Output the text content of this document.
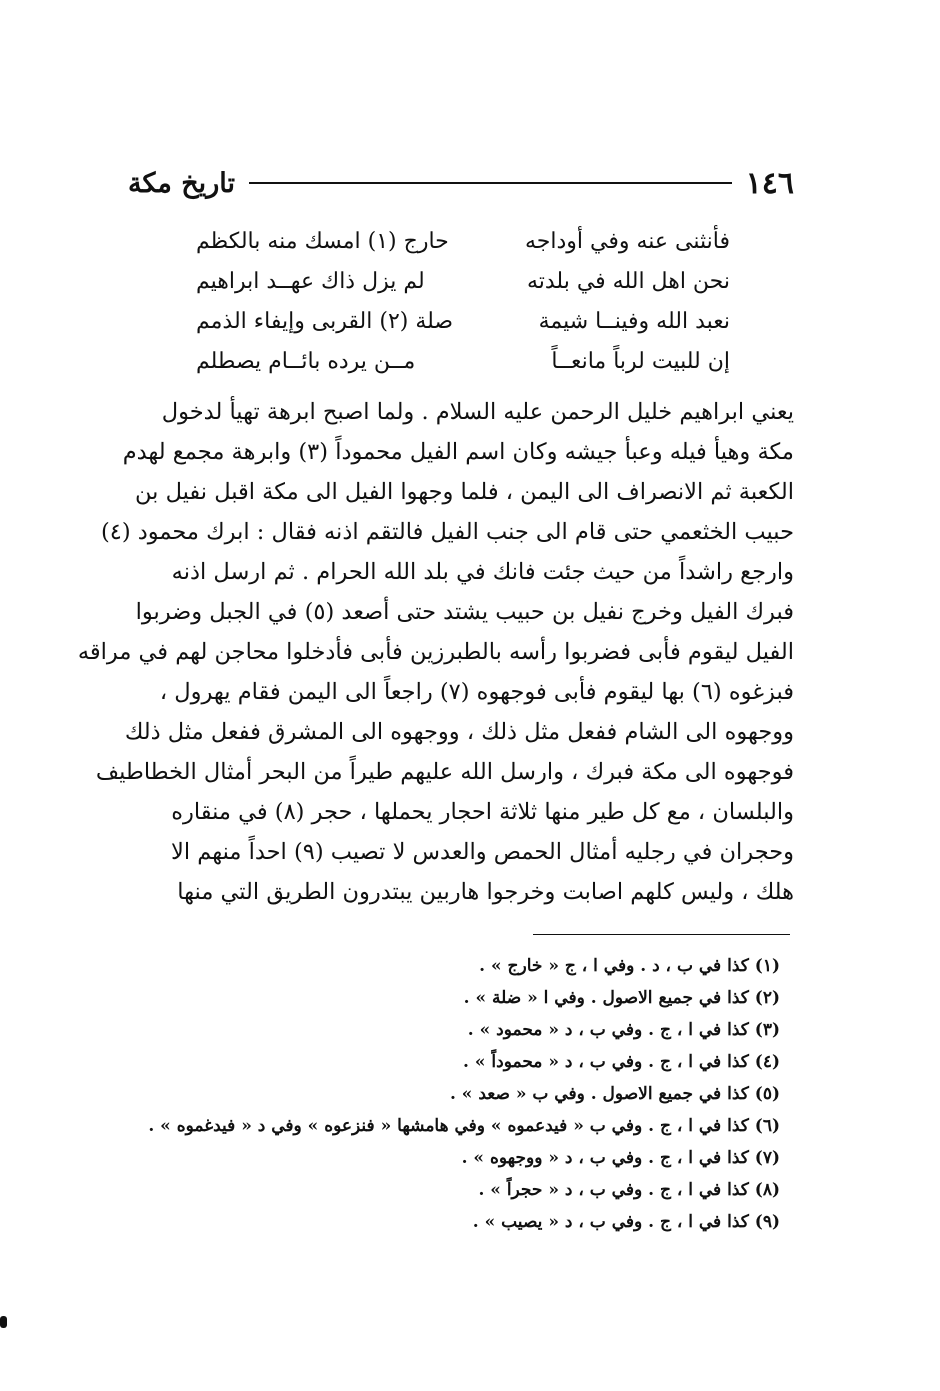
١٤٦
تاريخ مكة
فأنثنى عنه وفي أوداجه
حارج (١) امسك منه بالكظم
نحن اهل الله في بلدته
لم يزل ذاك عهــد ابراهيم
نعبد الله وفينــا شيمة
صلة (٢) القربى وإيفاء الذمم
إن للبيت لرباً مانعــاً
مــن يرده بائــام يصطلم
يعني ابراهيم خليل الرحمن عليه السلام . ولما اصبح ابرهة تهيأ لدخول
مكة وهيأ فيله وعبأ جيشه وكان اسم الفيل محموداً (٣) وابرهة مجمع لهدم
الكعبة ثم الانصراف الى اليمن ، فلما وجهوا الفيل الى مكة اقبل نفيل بن
حبيب الخثعمي حتى قام الى جنب الفيل فالتقم اذنه فقال : ابرك محمود (٤)
وارجع راشداً من حيث جئت فانك في بلد الله الحرام . ثم ارسل اذنه
فبرك الفيل وخرج نفيل بن حبيب يشتد حتى أصعد (٥) في الجبل وضربوا
الفيل ليقوم فأبى فضربوا رأسه بالطبرزين فأبى فأدخلوا محاجن لهم في مراقه
فبزغوه (٦) بها ليقوم فأبى فوجهوه (٧) راجعاً الى اليمن فقام يهرول ،
ووجهوه الى الشام ففعل مثل ذلك ، ووجهوه الى المشرق ففعل مثل ذلك
فوجهوه الى مكة فبرك ، وارسل الله عليهم طيراً من البحر أمثال الخطاطيف
والبلسان ، مع كل طير منها ثلاثة احجار يحملها ، حجر (٨) في منقاره
وحجران في رجليه أمثال الحمص والعدس لا تصيب (٩) احداً منهم الا
هلك ، وليس كلهم اصابت وخرجوا هاربين يبتدرون الطريق التي منها
(١) كذا في ب ، د . وفي ا ، ج « خارج » .
(٢) كذا في جميع الاصول . وفي ا « ضلة » .
(٣) كذا في ا ، ج . وفي ب ، د « محمود » .
(٤) كذا في ا ، ج . وفي ب ، د « محموداً » .
(٥) كذا في جميع الاصول . وفي ب « صعد » .
(٦) كذا في ا ، ج . وفي ب « فيدعموه » وفي هامشها « فنزعوه » وفي د « فيدغموه » .
(٧) كذا في ا ، ج . وفي ب ، د « ووجهوه » .
(٨) كذا في ا ، ج . وفي ب ، د « حجراً » .
(٩) كذا في ا ، ج . وفي ب ، د « يصيب » .
